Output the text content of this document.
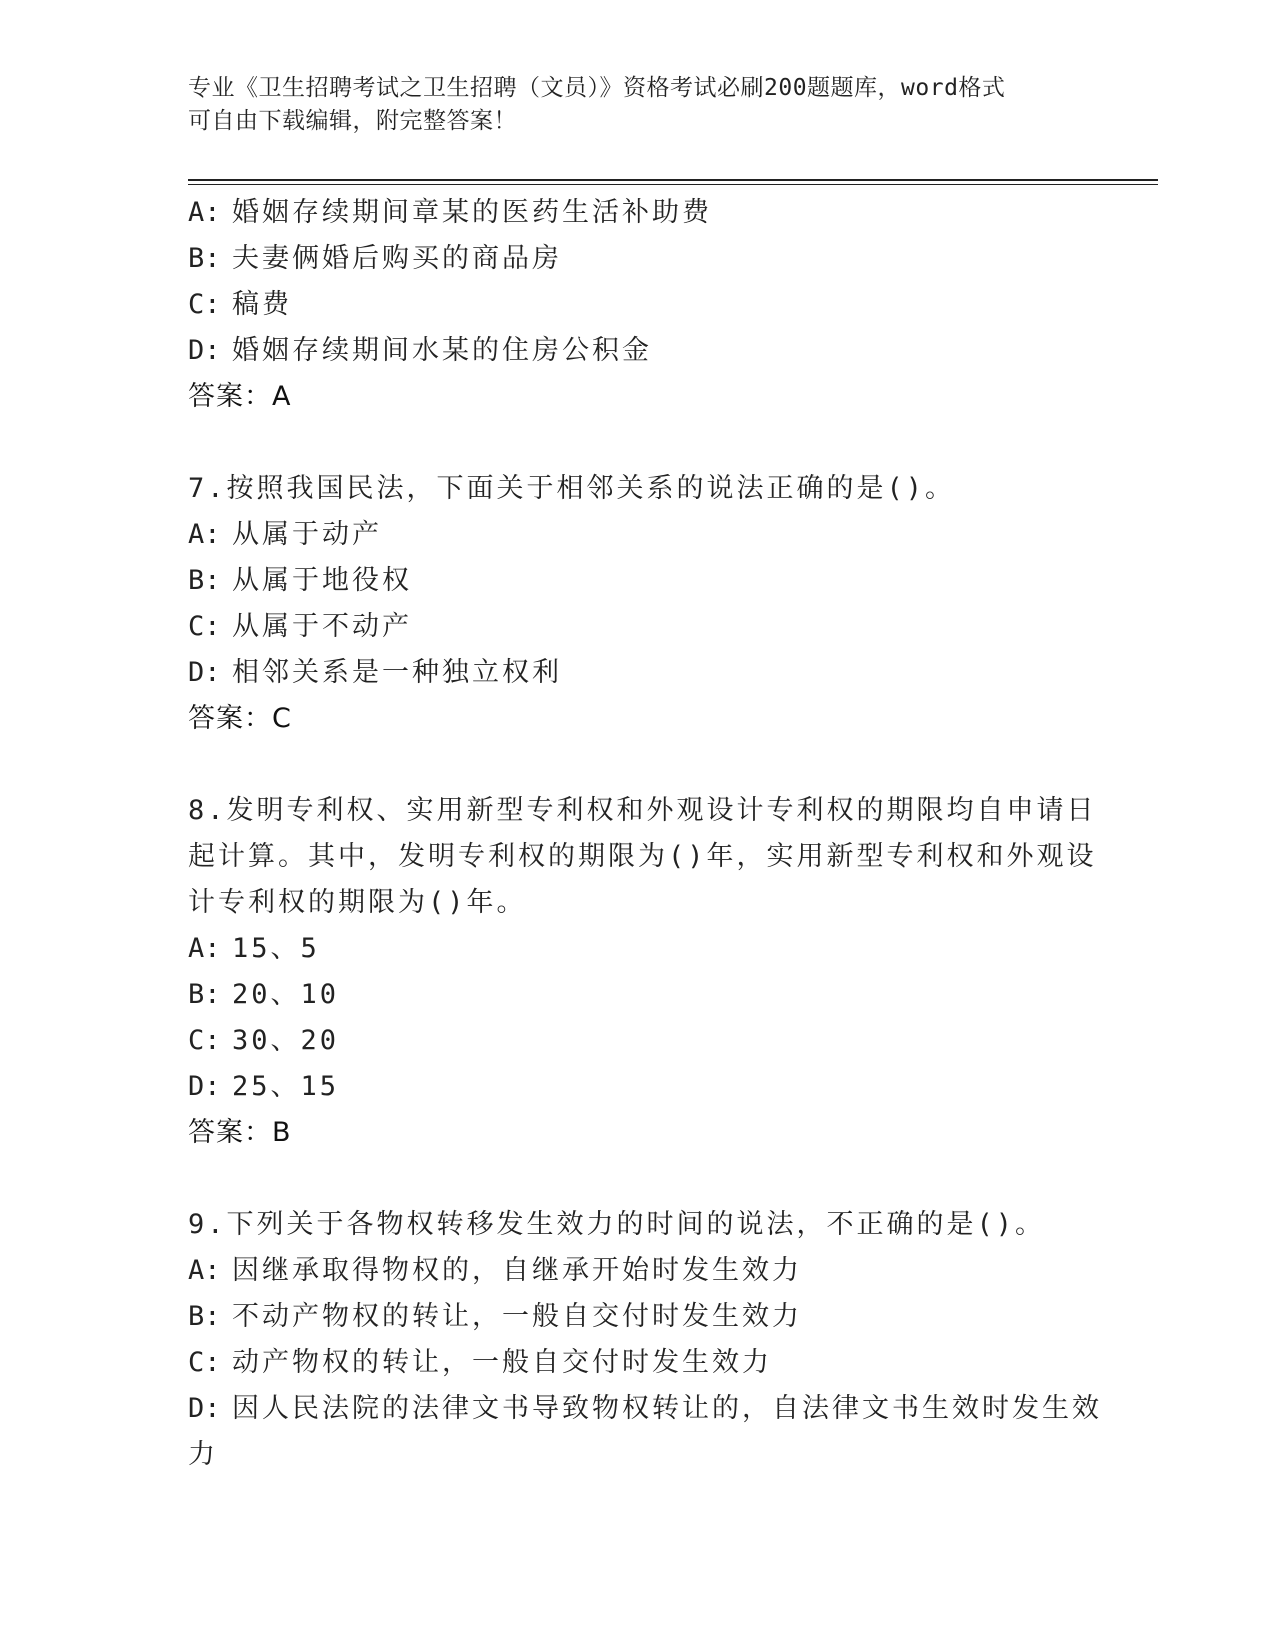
专业《卫生招聘考试之卫生招聘（文员）》资格考试必刷200题题库，word格式
可自由下载编辑，附完整答案！
A: 婚姻存续期间章某的医药生活补助费
B: 夫妻俩婚后购买的商品房
C: 稿费
D: 婚姻存续期间水某的住房公积金
答案：A
7.按照我国民法，下面关于相邻关系的说法正确的是()。
A: 从属于动产
B: 从属于地役权
C: 从属于不动产
D: 相邻关系是一种独立权利
答案：C
8.发明专利权、实用新型专利权和外观设计专利权的期限均自申请日
起计算。其中，发明专利权的期限为()年，实用新型专利权和外观设
计专利权的期限为()年。
A: 15、5
B: 20、10
C: 30、20
D: 25、15
答案：B
9.下列关于各物权转移发生效力的时间的说法，不正确的是()。
A: 因继承取得物权的，自继承开始时发生效力
B: 不动产物权的转让，一般自交付时发生效力
C: 动产物权的转让，一般自交付时发生效力
D: 因人民法院的法律文书导致物权转让的，自法律文书生效时发生效
力
